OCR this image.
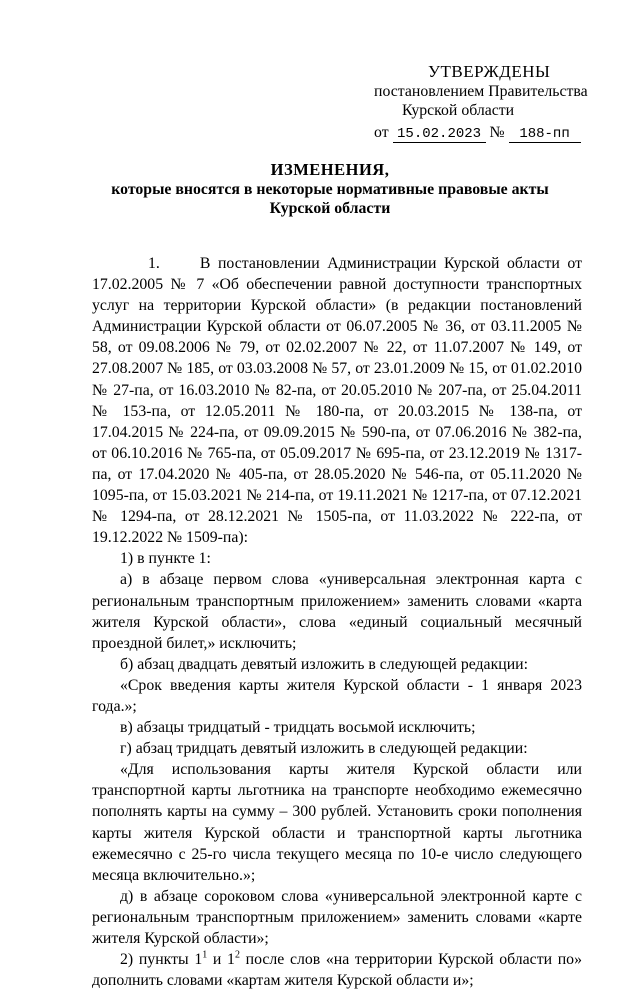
УТВЕРЖДЕНЫ
постановлением Правительства
Курской области
от 15.02.2023 № 188-пп
ИЗМЕНЕНИЯ,
которые вносятся в некоторые нормативные правовые акты
Курской области

1.	В постановлении Администрации Курской области от 17.02.2005 № 7 «Об обеспечении равной доступности транспортных услуг на территории Курской области» (в редакции постановлений Администрации Курской области от 06.07.2005 № 36, от 03.11.2005 № 58, от 09.08.2006 № 79, от 02.02.2007 № 22, от 11.07.2007 № 149, от 27.08.2007 № 185, от 03.03.2008 № 57, от 23.01.2009 № 15, от 01.02.2010 № 27-па, от 16.03.2010 № 82-па, от 20.05.2010 № 207-па, от 25.04.2011 № 153-па, от 12.05.2011 № 180-па, от 20.03.2015 № 138-па, от 17.04.2015 № 224-па, от 09.09.2015 № 590-па, от 07.06.2016 № 382-па, от 06.10.2016 № 765-па, от 05.09.2017 № 695-па, от 23.12.2019 № 1317-па, от 17.04.2020 № 405-па, от 28.05.2020 № 546-па, от 05.11.2020 № 1095-па, от 15.03.2021 № 214-па, от 19.11.2021 № 1217-па, от 07.12.2021 № 1294-па, от 28.12.2021 № 1505-па, от 11.03.2022 № 222-па, от 19.12.2022 № 1509-па):

1) в пункте 1:

а) в абзаце первом слова «универсальная электронная карта с региональным транспортным приложением» заменить словами «карта жителя Курской области», слова «единый социальный месячный проездной билет,» исключить;

б) абзац двадцать девятый изложить в следующей редакции:

«Срок введения карты жителя Курской области - 1 января 2023 года.»;

в) абзацы тридцатый - тридцать восьмой исключить;

г) абзац тридцать девятый изложить в следующей редакции:

«Для использования карты жителя Курской области или транспортной карты льготника на транспорте необходимо ежемесячно пополнять карты на сумму – 300 рублей. Установить сроки пополнения карты жителя Курской области и транспортной карты льготника ежемесячно с 25-го числа текущего месяца по 10-е число следующего месяца включительно.»;

д) в абзаце сороковом слова «универсальной электронной карте с региональным транспортным приложением» заменить словами «карте жителя Курской области»;

2) пункты $1^1$ и $1^2$ после слов «на территории Курской области по» дополнить словами «картам жителя Курской области и»;
